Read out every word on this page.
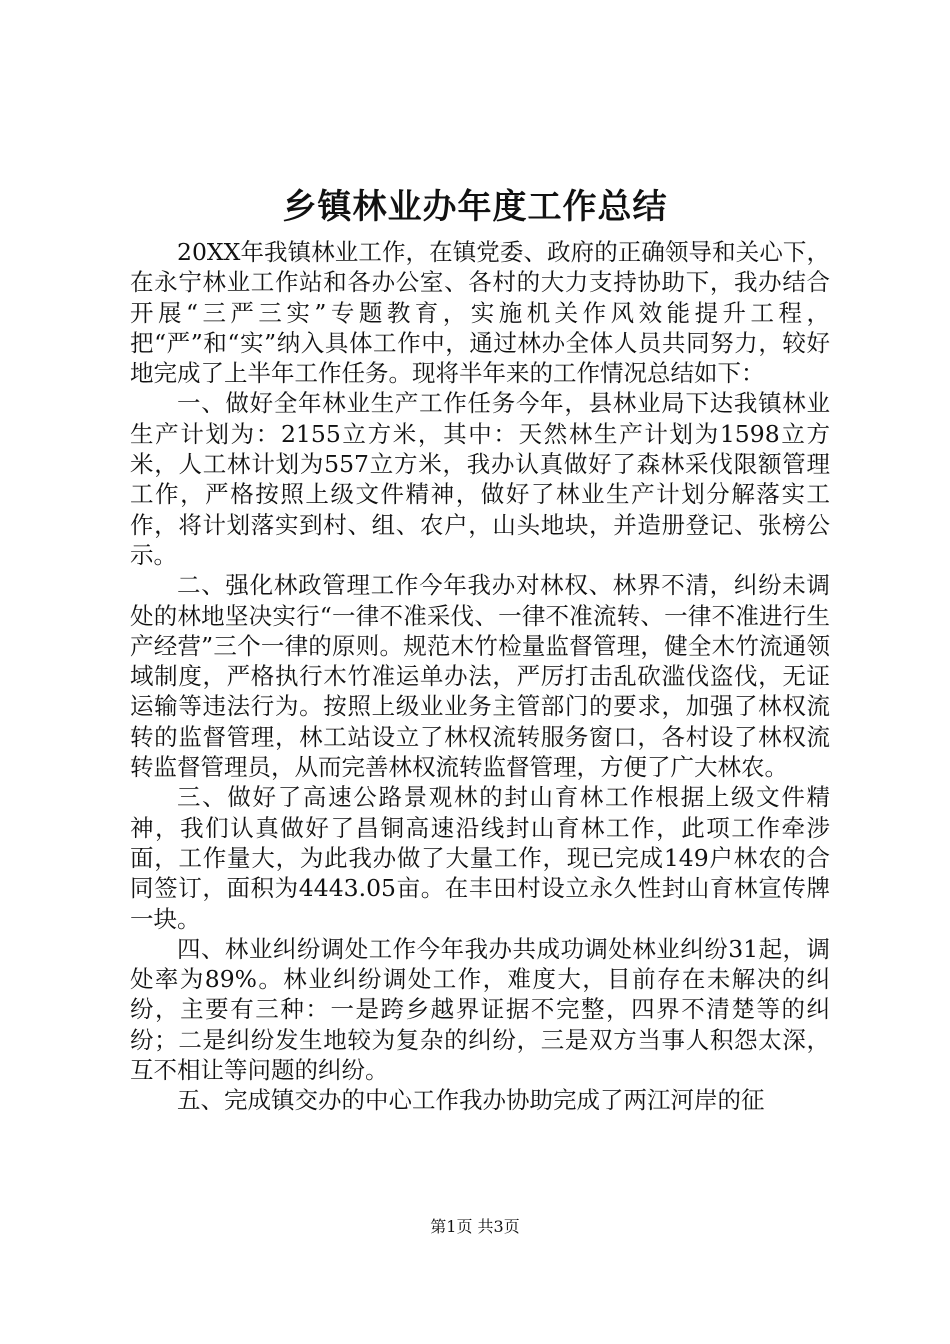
乡镇林业办年度工作总结

20XX年我镇林业工作，在镇党委、政府的正确领导和关心下，在永宁林业工作站和各办公室、各村的大力支持协助下，我办结合开展“三严三实”专题教育，实施机关作风效能提升工程，把“严”和“实”纳入具体工作中，通过林办全体人员共同努力，较好地完成了上半年工作任务。现将半年来的工作情况总结如下：

一、做好全年林业生产工作任务今年，县林业局下达我镇林业生产计划为：2155立方米，其中：天然林生产计划为1598立方米，人工林计划为557立方米，我办认真做好了森林采伐限额管理工作，严格按照上级文件精神，做好了林业生产计划分解落实工作，将计划落实到村、组、农户，山头地块，并造册登记、张榜公示。

二、强化林政管理工作今年我办对林权、林界不清，纠纷未调处的林地坚决实行“一律不准采伐、一律不准流转、一律不准进行生产经营”三个一律的原则。规范木竹检量监督管理，健全木竹流通领域制度，严格执行木竹准运单办法，严厉打击乱砍滥伐盗伐，无证运输等违法行为。按照上级业业务主管部门的要求，加强了林权流转的监督管理，林工站设立了林权流转服务窗口，各村设了林权流转监督管理员，从而完善林权流转监督管理，方便了广大林农。

三、做好了高速公路景观林的封山育林工作根据上级文件精神，我们认真做好了昌铜高速沿线封山育林工作，此项工作牵涉面，工作量大，为此我办做了大量工作，现已完成149户林农的合同签订，面积为4443.05亩。在丰田村设立永久性封山育林宣传牌一块。

四、林业纠纷调处工作今年我办共成功调处林业纠纷31起，调处率为89%。林业纠纷调处工作，难度大，目前存在未解决的纠纷，主要有三种：一是跨乡越界证据不完整，四界不清楚等的纠纷；二是纠纷发生地较为复杂的纠纷，三是双方当事人积怨太深，互不相让等问题的纠纷。

五、完成镇交办的中心工作我办协助完成了两江河岸的征

第1页 共3页
